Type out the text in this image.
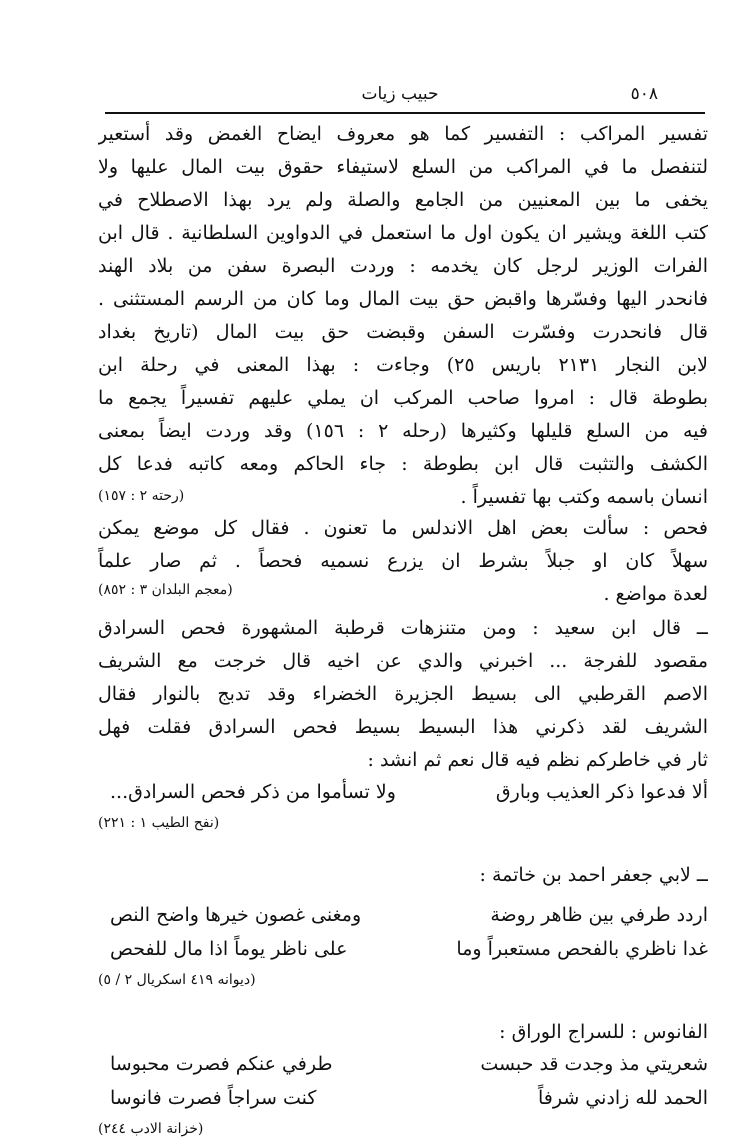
٥٠٨
حبيب زيات
تفسير المراكب : التفسير كما هو معروف ايضاح الغمض وقد أستعير
لتنفصل ما في المراكب من السلع لاستيفاء حقوق بيت المال عليها ولا
يخفى ما بين المعنيين من الجامع والصلة ولم يرد بهذا الاصطلاح في
كتب اللغة ويشير ان يكون اول ما استعمل في الدواوين السلطانية . قال ابن
الفرات الوزير لرجل كان يخدمه : وردت البصرة سفن من بلاد الهند
فانحدر اليها وفسّرها واقبض حق بيت المال وما كان من الرسم المستثنى .
قال فانحدرت وفسّرت السفن وقبضت حق بيت المال (تاريخ بغداد
لابن النجار ٢١٣١ باريس ٢٥) وجاءت : بهذا المعنى في رحلة ابن
بطوطة قال : امروا صاحب المركب ان يملي عليهم تفسيراً يجمع ما
فيه من السلع قليلها وكثيرها (رحله ٢ : ١٥٦) وقد وردت ايضاً بمعنى
الكشف والتثبت قال ابن بطوطة : جاء الحاكم ومعه كاتبه فدعا كل
انسان باسمه وكتب بها تفسيراً .
(رحته ٢ : ١٥٧)
فحص : سألت بعض اهل الاندلس ما تعنون . فقال كل موضع يمكن
سهلاً كان او جبلاً بشرط ان يزرع نسميه فحصاً . ثم صار علماً
لعدة مواضع .
(معجم البلدان ٣ : ٨٥٢)
ــ قال ابن سعيد : ومن متنزهات قرطبة المشهورة فحص السرادق
مقصود للفرجة ... اخبرني والدي عن اخيه قال خرجت مع الشريف
الاصم القرطبي الى بسيط الجزيرة الخضراء وقد تدبج بالنوار فقال
الشريف لقد ذكرني هذا البسيط بسيط فحص السرادق فقلت فهل
ثار في خاطركم نظم فيه قال نعم ثم انشد :
ألا فدعوا ذكر العذيب وبارق
ولا تسأموا من ذكر فحص السرادق...
(نفح الطيب ١ : ٢٢١)
ــ لابي جعفر احمد بن خاتمة :
اردد طرفي بين ظاهر روضة
ومغنى غصون خيرها واضح النص
غدا ناظري بالفحص مستعبراً وما
على ناظر يوماً اذا مال للفحص
(ديوانه ٤١٩ اسكريال ٢ / ٥)
الفانوس : للسراج الوراق :
شعريتي مذ وجدت قد حبست
طرفي عنكم فصرت محبوسا
الحمد لله زادني شرفاً
كنت سراجاً فصرت فانوسا
(خزانة الادب ٢٤٤)
